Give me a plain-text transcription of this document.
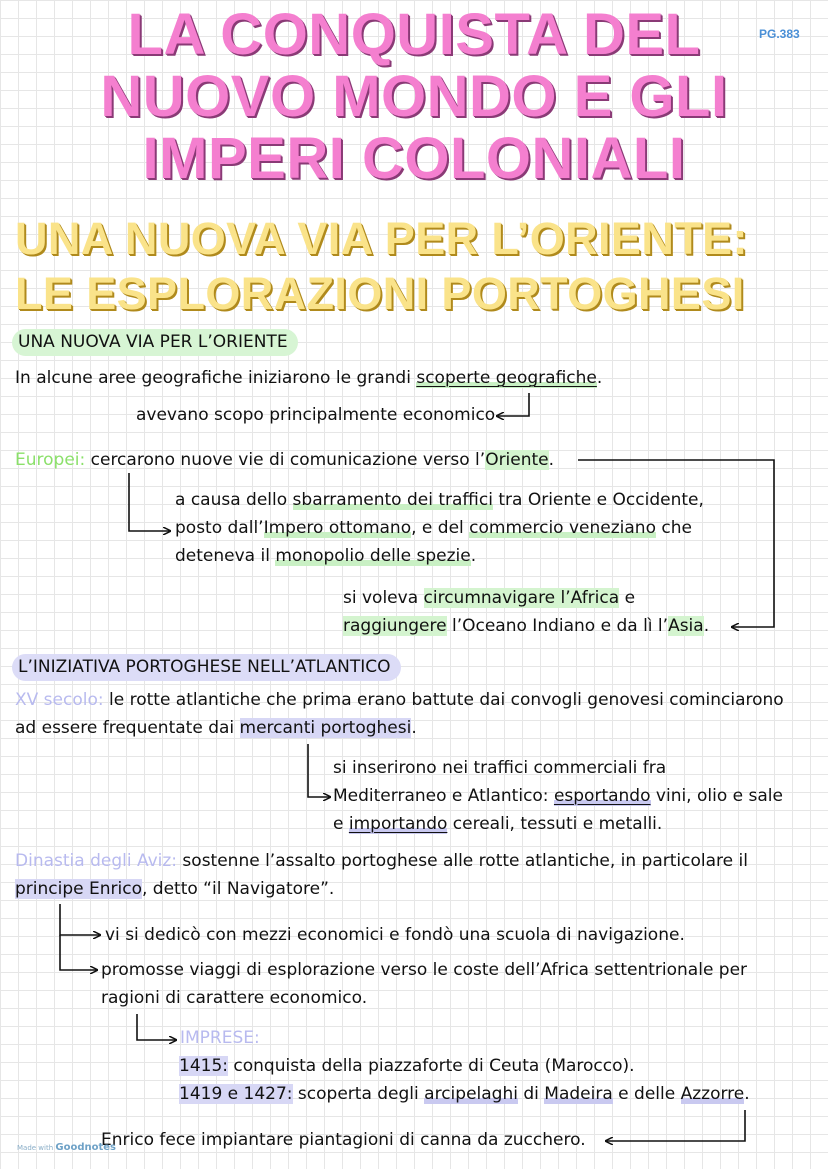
PG.383
LA CONQUISTA DEL
NUOVO MONDO E GLI
IMPERI COLONIALI
UNA NUOVA VIA PER L’ORIENTE:
LE ESPLORAZIONI PORTOGHESI
UNA NUOVA VIA PER L’ORIENTE
In alcune aree geografiche iniziarono le grandi scoperte geografiche.
avevano scopo principalmente economico
Europei: cercarono nuove vie di comunicazione verso l’Oriente.
a causa dello sbarramento dei traffici tra Oriente e Occidente,
posto dall’Impero ottomano, e del commercio veneziano che
deteneva il monopolio delle spezie.
si voleva circumnavigare l’Africa e
raggiungere l’Oceano Indiano e da lì l’Asia.
L’INIZIATIVA PORTOGHESE NELL’ATLANTICO
XV secolo: le rotte atlantiche che prima erano battute dai convogli genovesi cominciarono
ad essere frequentate dai mercanti portoghesi.
si inserirono nei traffici commerciali fra
Mediterraneo e Atlantico: esportando vini, olio e sale
e importando cereali, tessuti e metalli.
Dinastia degli Aviz: sostenne l’assalto portoghese alle rotte atlantiche, in particolare il
principe Enrico, detto “il Navigatore”.
vi si dedicò con mezzi economici e fondò una scuola di navigazione.
promosse viaggi di esplorazione verso le coste dell’Africa settentrionale per
ragioni di carattere economico.
IMPRESE:
1415: conquista della piazzaforte di Ceuta (Marocco).
1419 e 1427: scoperta degli arcipelaghi di Madeira e delle Azzorre.
Enrico fece impiantare piantagioni di canna da zucchero.
Made with Goodnotes
